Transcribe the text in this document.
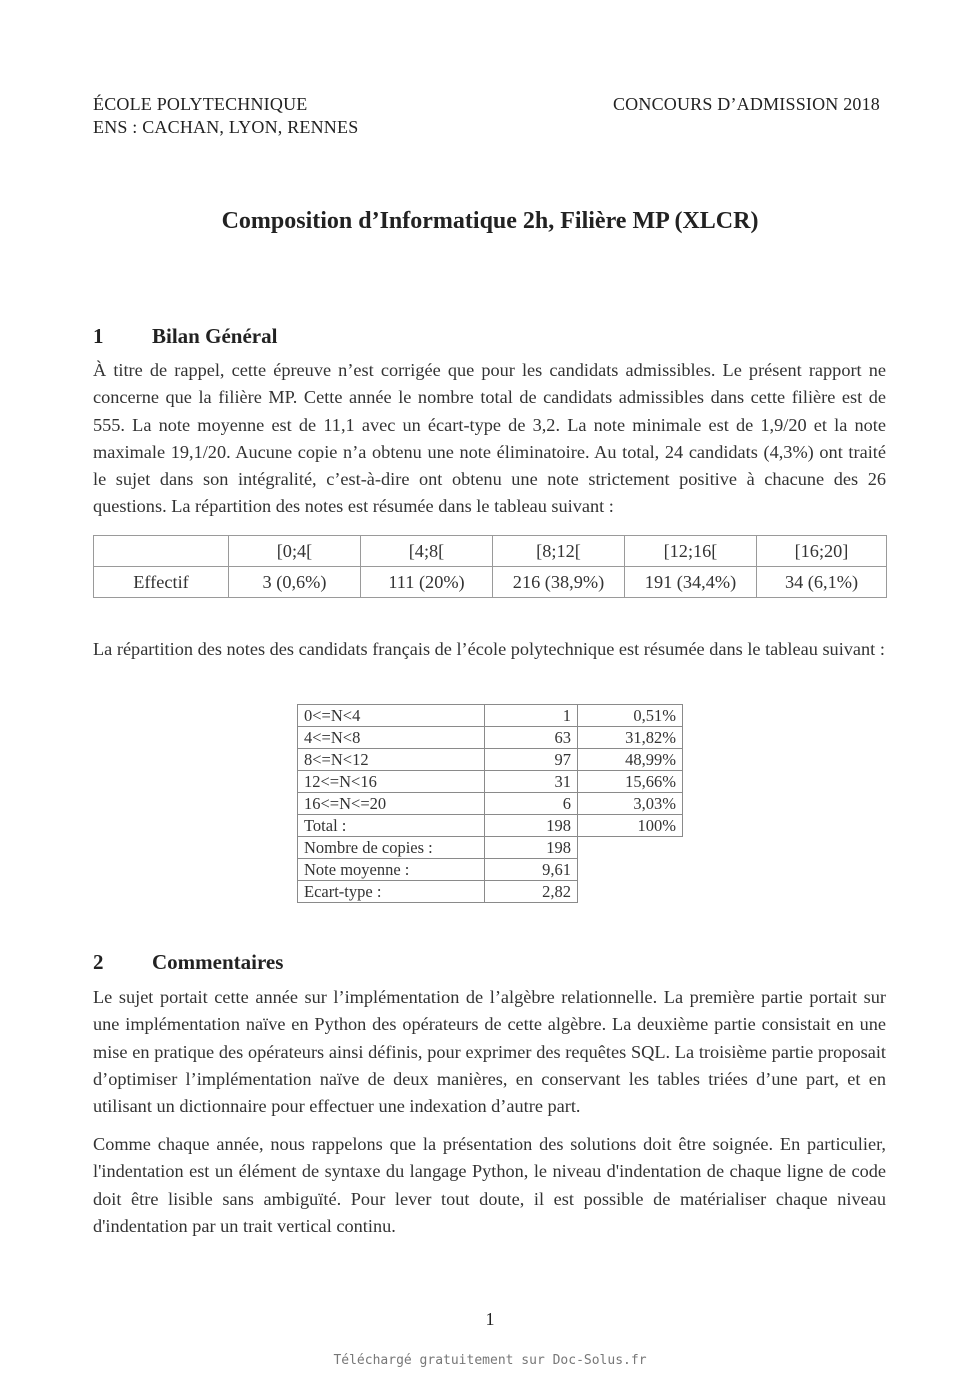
ÉCOLE POLYTECHNIQUE
ENS : CACHAN, LYON, RENNES
CONCOURS D’ADMISSION 2018
Composition d’Informatique 2h, Filière MP (XLCR)
1 Bilan Général
À titre de rappel, cette épreuve n’est corrigée que pour les candidats admissibles. Le présent rapport ne concerne que la filière MP. Cette année le nombre total de candidats admissibles dans cette filière est de 555. La note moyenne est de 11,1 avec un écart-type de 3,2. La note minimale est de 1,9/20 et la note maximale 19,1/20. Aucune copie n’a obtenu une note éliminatoire. Au total, 24 candidats (4,3%) ont traité le sujet dans son intégralité, c’est-à-dire ont obtenu une note strictement positive à chacune des 26 questions. La répartition des notes est résumée dans le tableau suivant :
	[0;4[	[4;8[	[8;12[	[12;16[	[16;20]
Effectif	3 (0,6%)	111 (20%)	216 (38,9%)	191 (34,4%)	34 (6,1%)
La répartition des notes des candidats français de l’école polytechnique est résumée dans le tableau suivant :
0<=N<4	1	0,51%
4<=N<8	63	31,82%
8<=N<12	97	48,99%
12<=N<16	31	15,66%
16<=N<=20	6	3,03%
Total :	198	100%
Nombre de copies :	198	
Note moyenne :	9,61	
Ecart-type :	2,82	
2 Commentaires
Le sujet portait cette année sur l’implémentation de l’algèbre relationnelle. La première partie portait sur une implémentation naïve en Python des opérateurs de cette algèbre. La deuxième partie consistait en une mise en pratique des opérateurs ainsi définis, pour exprimer des requêtes SQL. La troisième partie proposait d’optimiser l’implémentation naïve de deux manières, en conservant les tables triées d’une part, et en utilisant un dictionnaire pour effectuer une indexation d’autre part.
Comme chaque année, nous rappelons que la présentation des solutions doit être soignée. En particulier, l'indentation est un élément de syntaxe du langage Python, le niveau d'indentation de chaque ligne de code doit être lisible sans ambiguïté. Pour lever tout doute, il est possible de matérialiser chaque niveau d'indentation par un trait vertical continu.
1
Téléchargé gratuitement sur Doc-Solus.fr
